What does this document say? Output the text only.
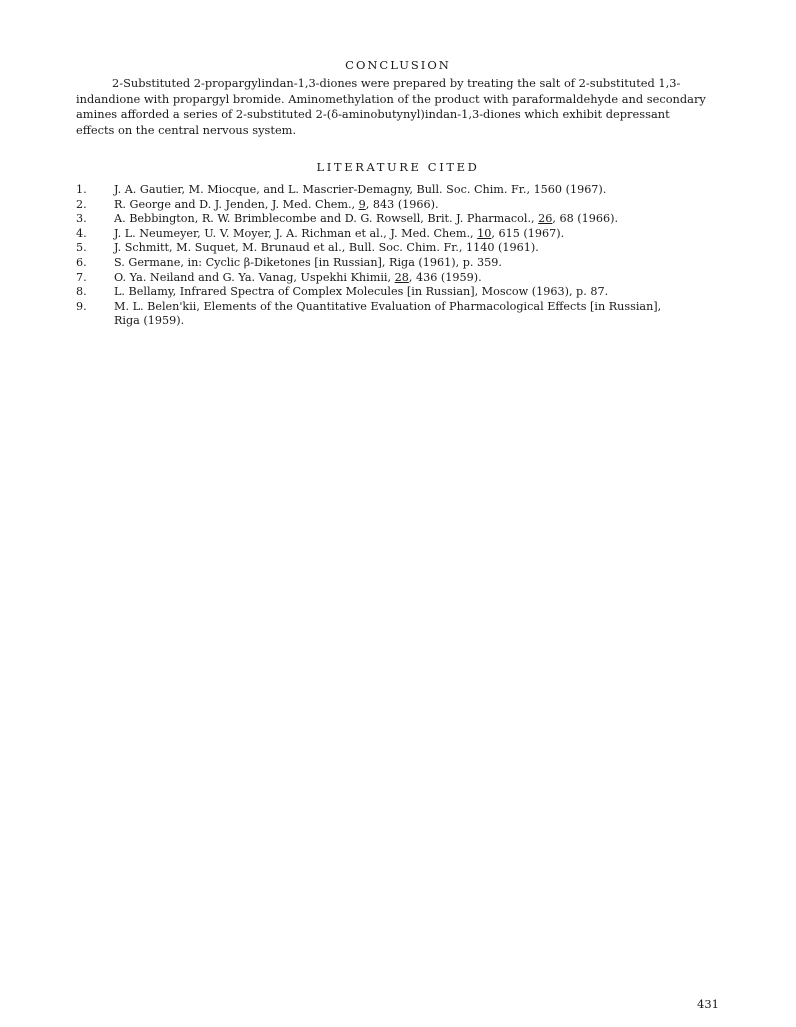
CONCLUSION
2-Substituted 2-propargylindan-1,3-diones were prepared by treating the salt of 2-substituted 1,3-
indandione with propargyl bromide. Aminomethylation of the product with paraformaldehyde and secondary
amines afforded a series of 2-substituted 2-(δ-aminobutynyl)indan-1,3-diones which exhibit depressant
effects on the central nervous system.
LITERATURE CITED
1.	J. A. Gautier, M. Miocque, and L. Mascrier-Demagny, Bull. Soc. Chim. Fr., 1560 (1967).
2.	R. George and D. J. Jenden, J. Med. Chem., 9, 843 (1966).
3.	A. Bebbington, R. W. Brimblecombe and D. G. Rowsell, Brit. J. Pharmacol., 26, 68 (1966).
4.	J. L. Neumeyer, U. V. Moyer, J. A. Richman et al., J. Med. Chem., 10, 615 (1967).
5.	J. Schmitt, M. Suquet, M. Brunaud et al., Bull. Soc. Chim. Fr., 1140 (1961).
6.	S. Germane, in: Cyclic β-Diketones [in Russian], Riga (1961), p. 359.
7.	O. Ya. Neiland and G. Ya. Vanag, Uspekhi Khimii, 28, 436 (1959).
8.	L. Bellamy, Infrared Spectra of Complex Molecules [in Russian], Moscow (1963), p. 87.
9.	M. L. Belen'kii, Elements of the Quantitative Evaluation of Pharmacological Effects [in Russian],
Riga (1959).
431
